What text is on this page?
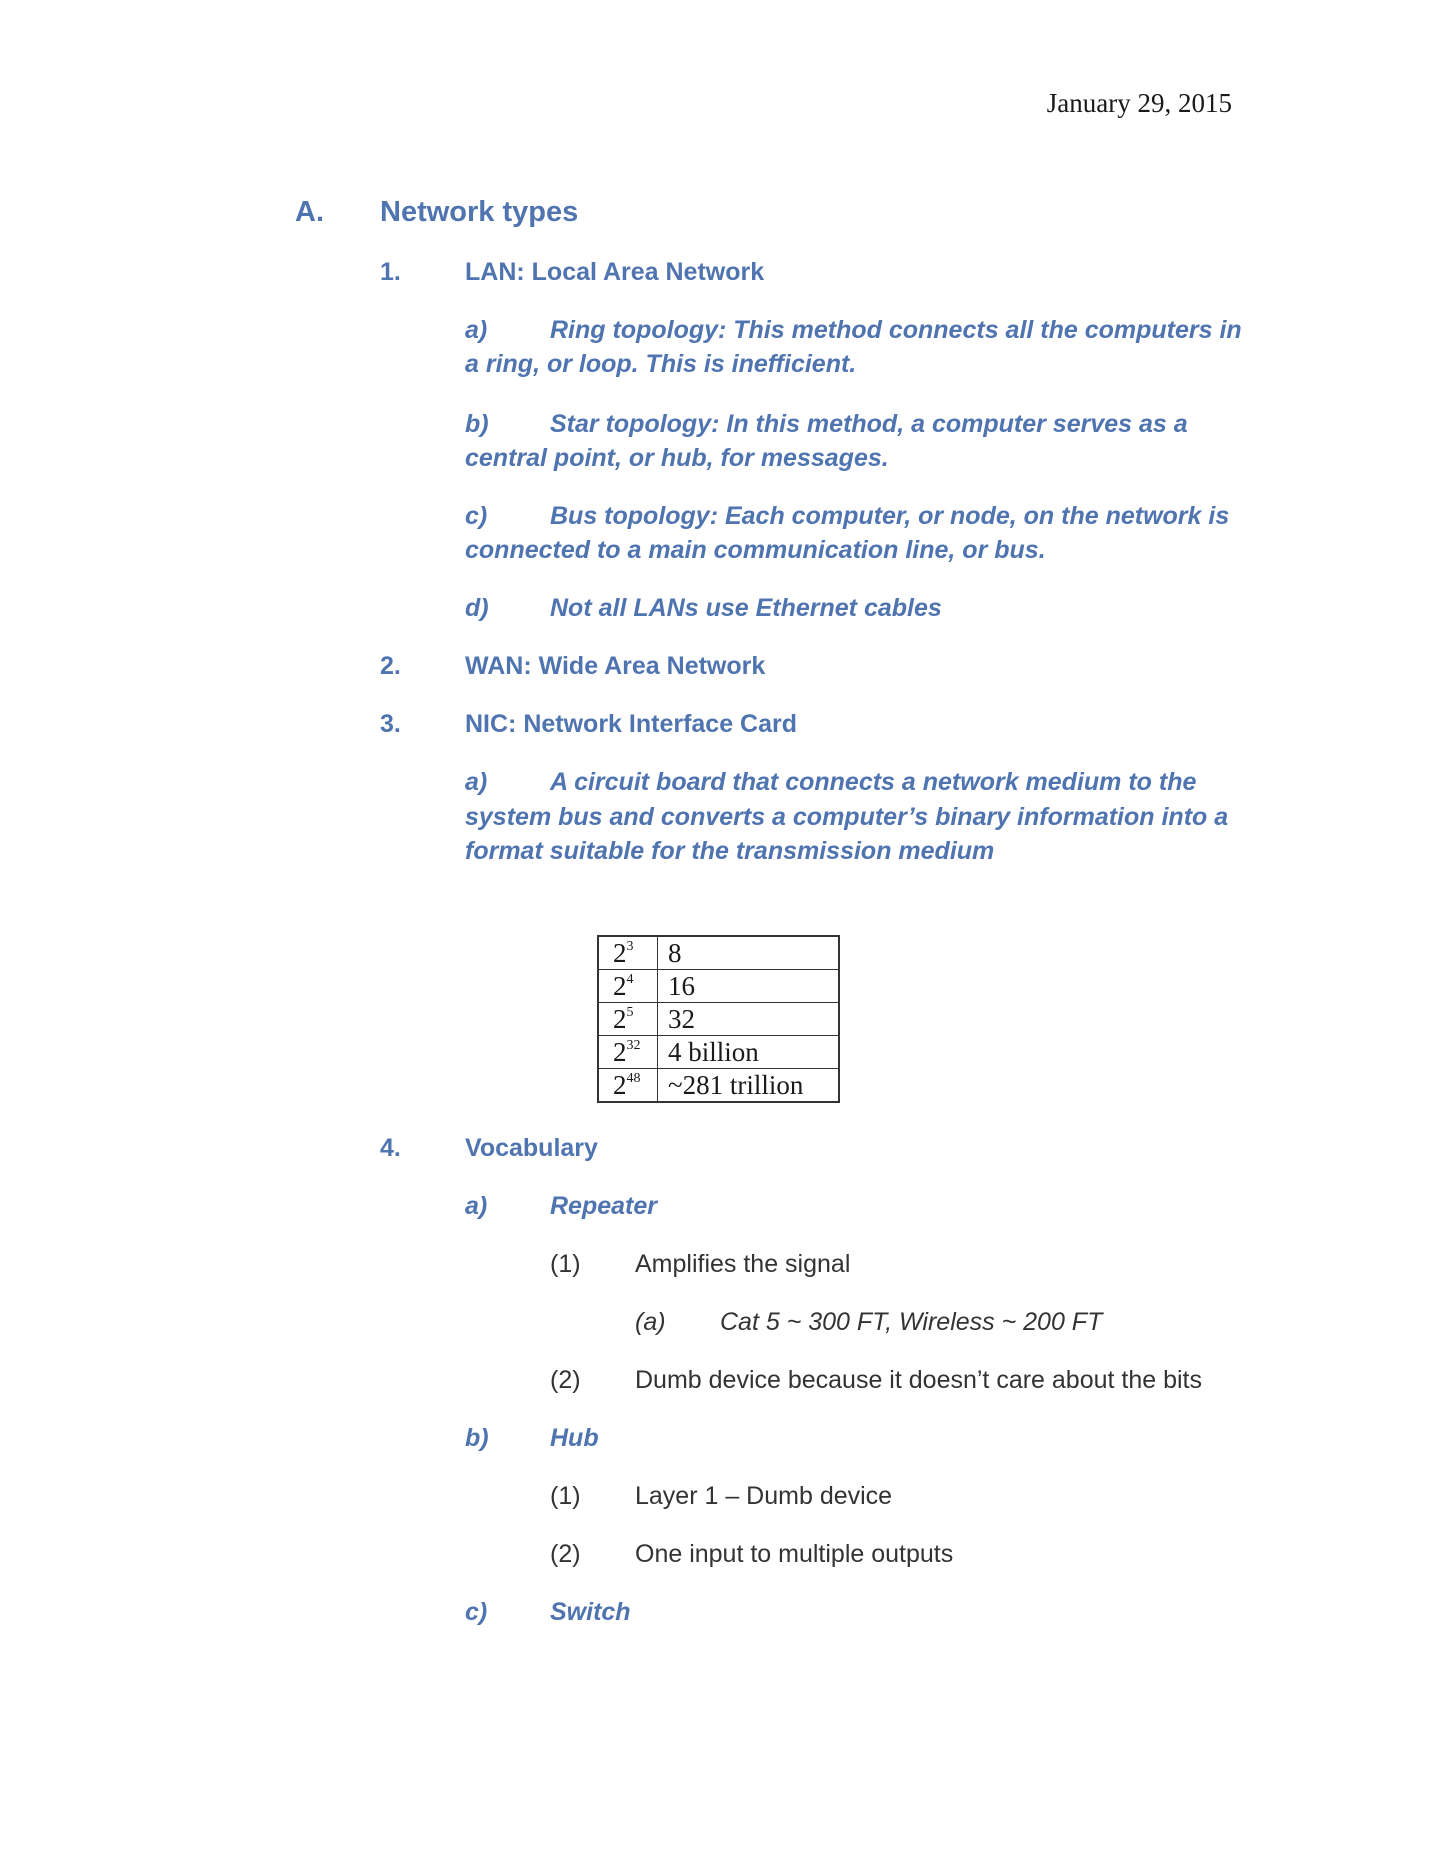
January 29, 2015
A. Network types
1.	LAN: Local Area Network
a)	Ring topology: This method connects all the computers in
a ring, or loop. This is inefficient.
b) Star topology: In this method, a computer serves as a
central point, or hub, for messages.
c)	Bus topology: Each computer, or node, on the network is
connected to a main communication line, or bus.
d) Not all LANs use Ethernet cables
2.	WAN: Wide Area Network
3.	NIC: Network Interface Card
a)	A circuit board that connects a network medium to the
system bus and converts a computer’s binary information into a
format suitable for the transmission medium
$2^3$	8
$2^4$	16
$2^5$	32
$2^{32}$	4 billion
$2^{48}$	~281 trillion
4.	Vocabulary
a)	Repeater
(1) Amplifies the signal
(a) Cat 5 ~ 300 FT, Wireless ~ 200 FT
(2) Dumb device because it doesn’t care about the bits
b) Hub
(1) Layer 1 – Dumb device
(2) One input to multiple outputs
c)	Switch
